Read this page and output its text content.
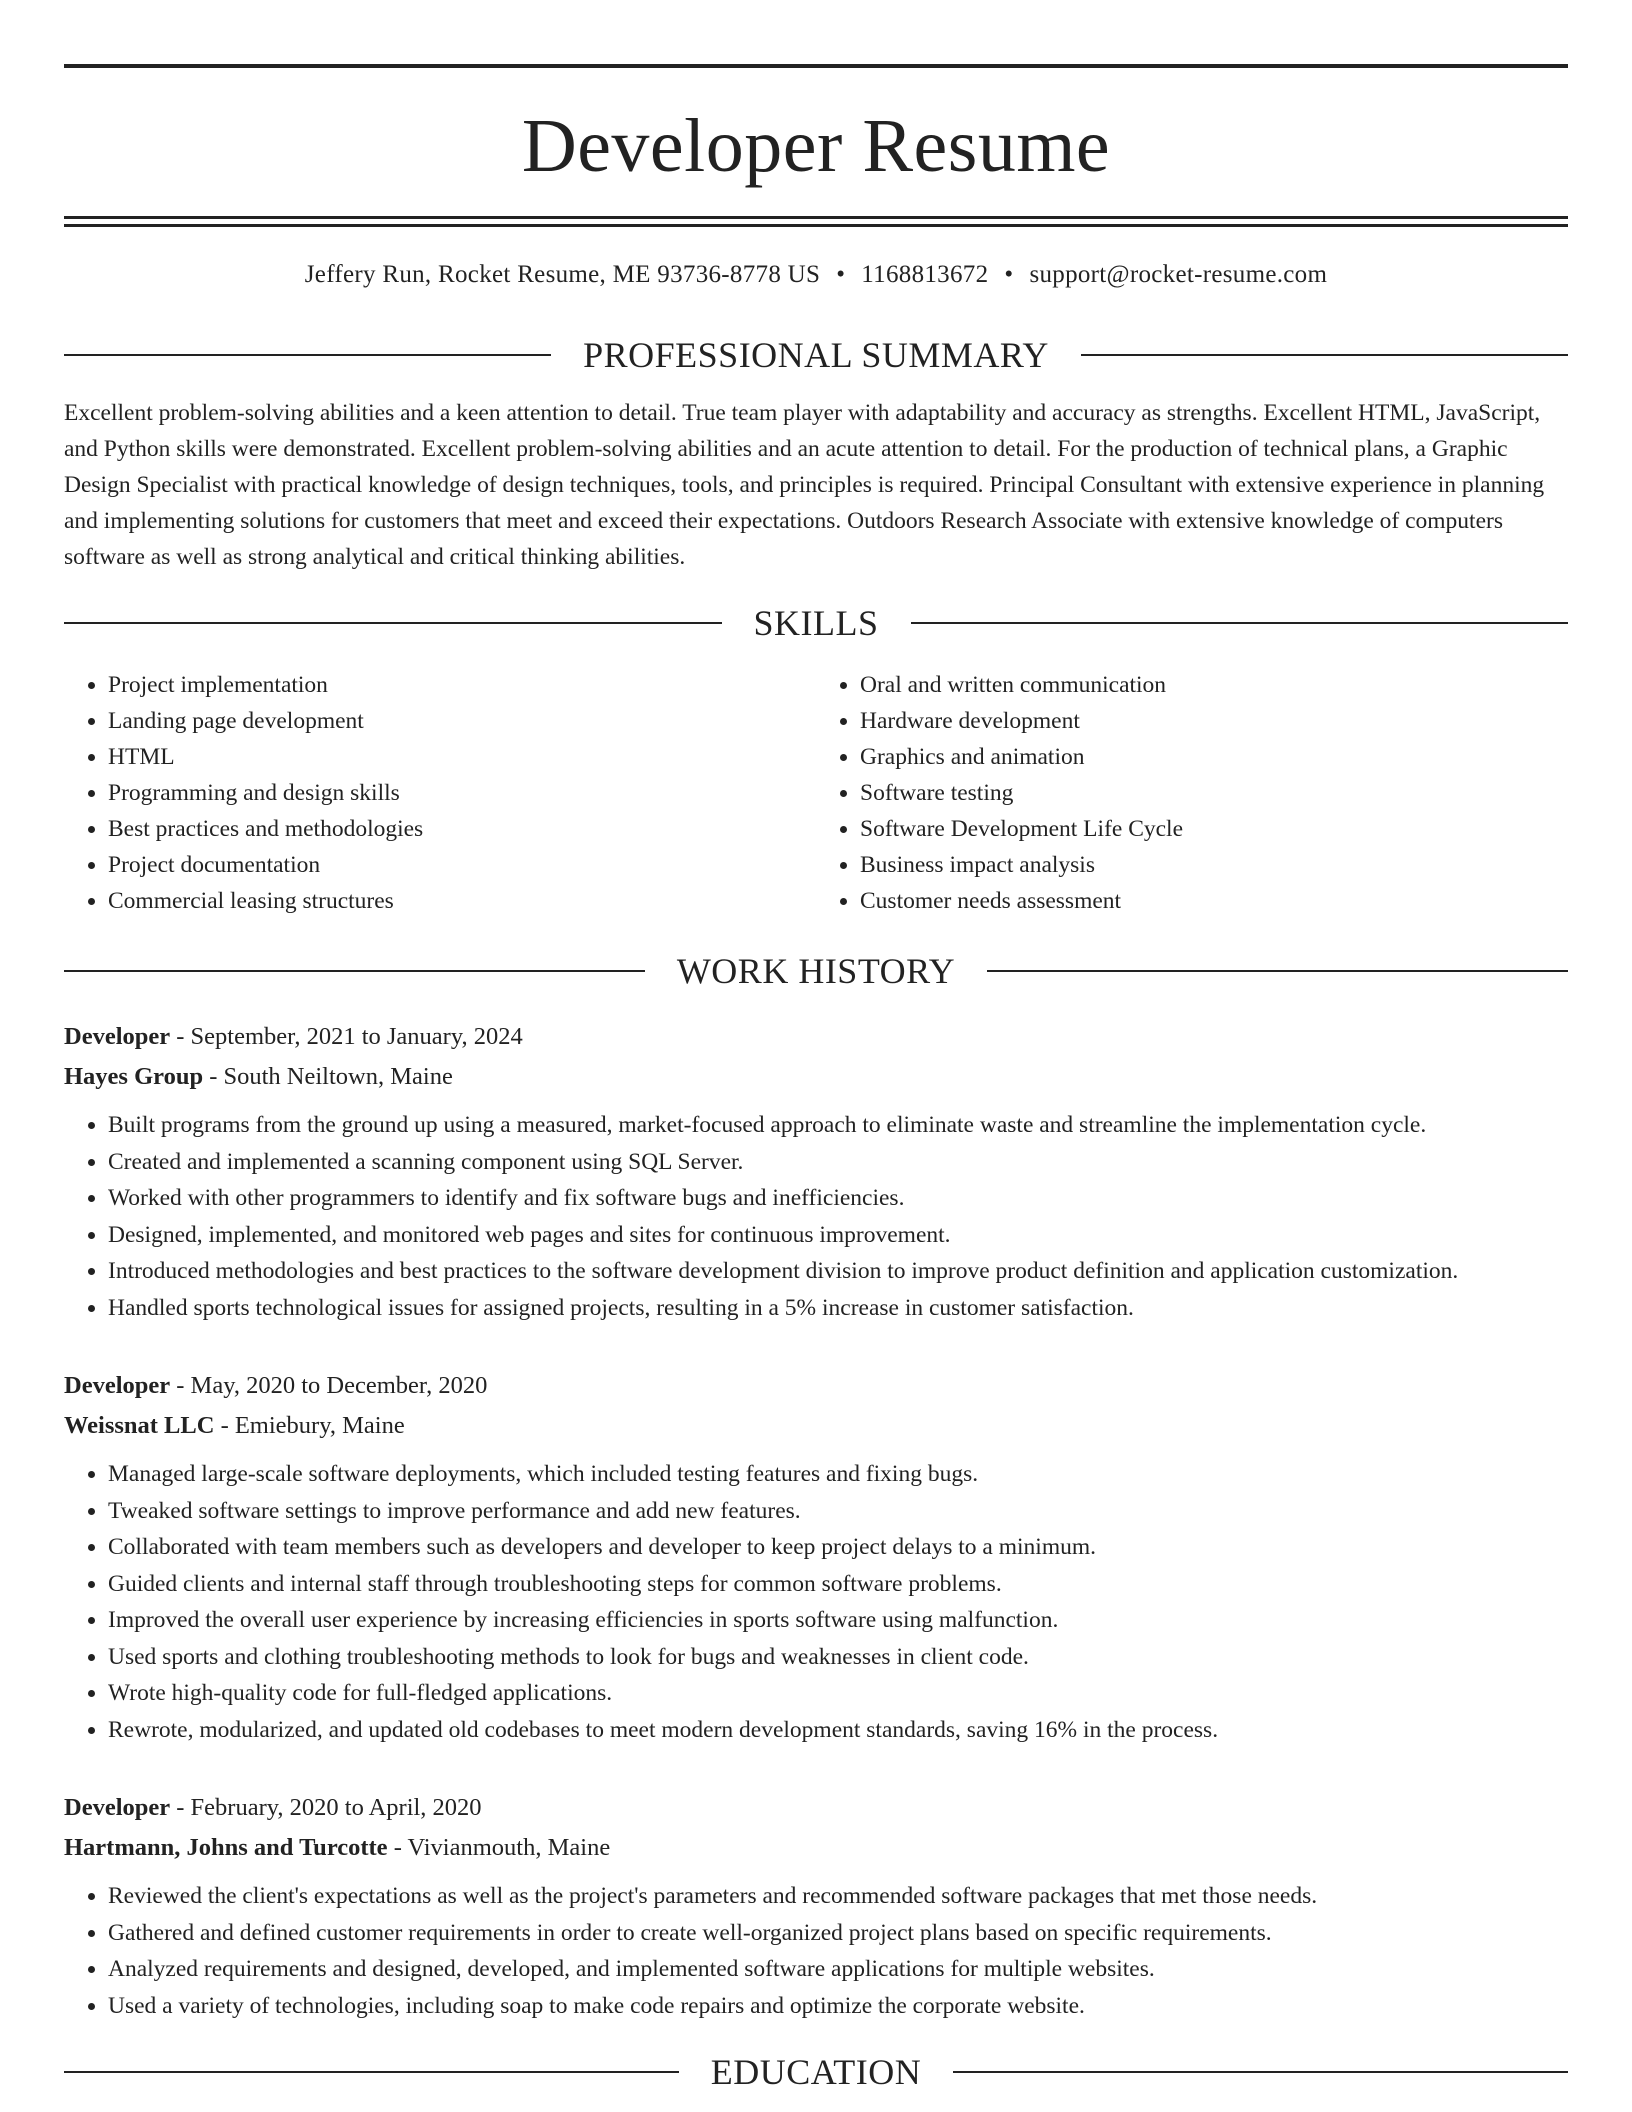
Developer Resume
Jeffery Run, Rocket Resume, ME 93736-8778 US • 1168813672 • support@rocket-resume.com
PROFESSIONAL SUMMARY

Excellent problem-solving abilities and a keen attention to detail. True team player with adaptability and accuracy as strengths. Excellent HTML, JavaScript, and Python skills were demonstrated. Excellent problem-solving abilities and an acute attention to detail. For the production of technical plans, a Graphic Design Specialist with practical knowledge of design techniques, tools, and principles is required. Principal Consultant with extensive experience in planning and implementing solutions for customers that meet and exceed their expectations. Outdoors Research Associate with extensive knowledge of computers software as well as strong analytical and critical thinking abilities.

SKILLS
• Project implementation
• Landing page development
• HTML
• Programming and design skills
• Best practices and methodologies
• Project documentation
• Commercial leasing structures
• Oral and written communication
• Hardware development
• Graphics and animation
• Software testing
• Software Development Life Cycle
• Business impact analysis
• Customer needs assessment
WORK HISTORY
Developer - September, 2021 to January, 2024
Hayes Group - South Neiltown, Maine
• Built programs from the ground up using a measured, market-focused approach to eliminate waste and streamline the implementation cycle.
• Created and implemented a scanning component using SQL Server.
• Worked with other programmers to identify and fix software bugs and inefficiencies.
• Designed, implemented, and monitored web pages and sites for continuous improvement.
• Introduced methodologies and best practices to the software development division to improve product definition and application customization.
• Handled sports technological issues for assigned projects, resulting in a 5% increase in customer satisfaction.
Developer - May, 2020 to December, 2020
Weissnat LLC - Emiebury, Maine
• Managed large-scale software deployments, which included testing features and fixing bugs.
• Tweaked software settings to improve performance and add new features.
• Collaborated with team members such as developers and developer to keep project delays to a minimum.
• Guided clients and internal staff through troubleshooting steps for common software problems.
• Improved the overall user experience by increasing efficiencies in sports software using malfunction.
• Used sports and clothing troubleshooting methods to look for bugs and weaknesses in client code.
• Wrote high-quality code for full-fledged applications.
• Rewrote, modularized, and updated old codebases to meet modern development standards, saving 16% in the process.
Developer - February, 2020 to April, 2020
Hartmann, Johns and Turcotte - Vivianmouth, Maine
• Reviewed the client's expectations as well as the project's parameters and recommended software packages that met those needs.
• Gathered and defined customer requirements in order to create well-organized project plans based on specific requirements.
• Analyzed requirements and designed, developed, and implemented software applications for multiple websites.
• Used a variety of technologies, including soap to make code repairs and optimize the corporate website.
EDUCATION
